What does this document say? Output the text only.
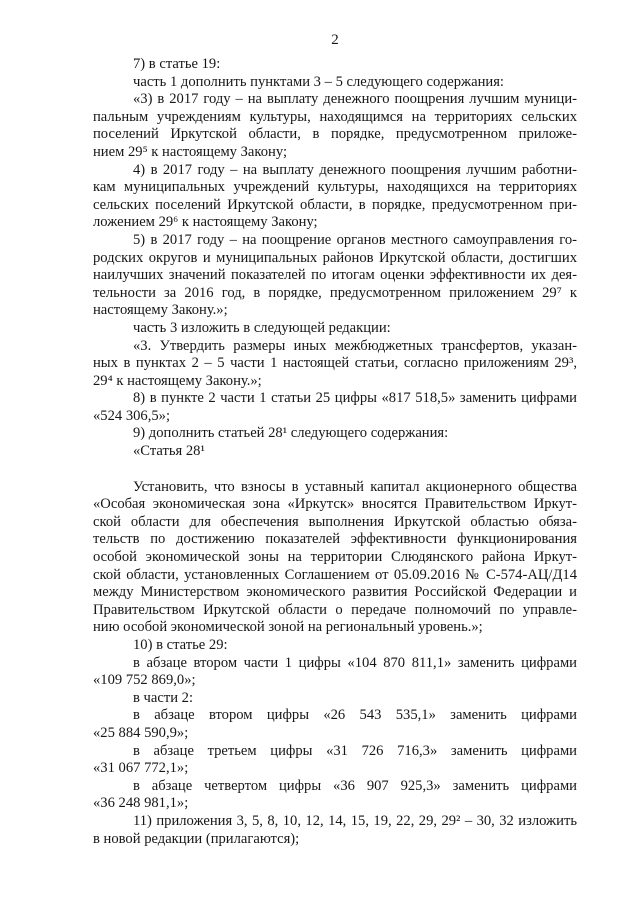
2
7) в статье 19:
часть 1 дополнить пунктами 3 – 5 следующего содержания:
«3) в 2017 году – на выплату денежного поощрения лучшим муници-
пальным учреждениям культуры, находящимся на территориях сельских
поселений Иркутской области, в порядке, предусмотренном приложе-
нием 29⁵ к настоящему Закону;
4) в 2017 году – на выплату денежного поощрения лучшим работни-
кам муниципальных учреждений культуры, находящихся на территориях
сельских поселений Иркутской области, в порядке, предусмотренном при-
ложением 29⁶ к настоящему Закону;
5) в 2017 году – на поощрение органов местного самоуправления го-
родских округов и муниципальных районов Иркутской области, достигших
наилучших значений показателей по итогам оценки эффективности их дея-
тельности за 2016 год, в порядке, предусмотренном приложением 29⁷ к
настоящему Закону.»;
часть 3 изложить в следующей редакции:
«3. Утвердить размеры иных межбюджетных трансфертов, указан-
ных в пунктах 2 – 5 части 1 настоящей статьи, согласно приложениям 29³,
29⁴ к настоящему Закону.»;
8) в пункте 2 части 1 статьи 25 цифры «817 518,5» заменить цифрами
«524 306,5»;
9) дополнить статьей 28¹ следующего содержания:
«Статья 28¹
Установить, что взносы в уставный капитал акционерного общества
«Особая экономическая зона «Иркутск» вносятся Правительством Иркут-
ской области для обеспечения выполнения Иркутской областью обяза-
тельств по достижению показателей эффективности функционирования
особой экономической зоны на территории Слюдянского района Иркут-
ской области, установленных Соглашением от 05.09.2016 № С-574-АЦ/Д14
между Министерством экономического развития Российской Федерации и
Правительством Иркутской области о передаче полномочий по управле-
нию особой экономической зоной на региональный уровень.»;
10) в статье 29:
в абзаце втором части 1 цифры «104 870 811,1» заменить цифрами
«109 752 869,0»;
в части 2:
в абзаце втором цифры «26 543 535,1» заменить цифрами
«25 884 590,9»;
в абзаце третьем цифры «31 726 716,3» заменить цифрами
«31 067 772,1»;
в абзаце четвертом цифры «36 907 925,3» заменить цифрами
«36 248 981,1»;
11) приложения 3, 5, 8, 10, 12, 14, 15, 19, 22, 29, 29² – 30, 32 изложить
в новой редакции (прилагаются);
